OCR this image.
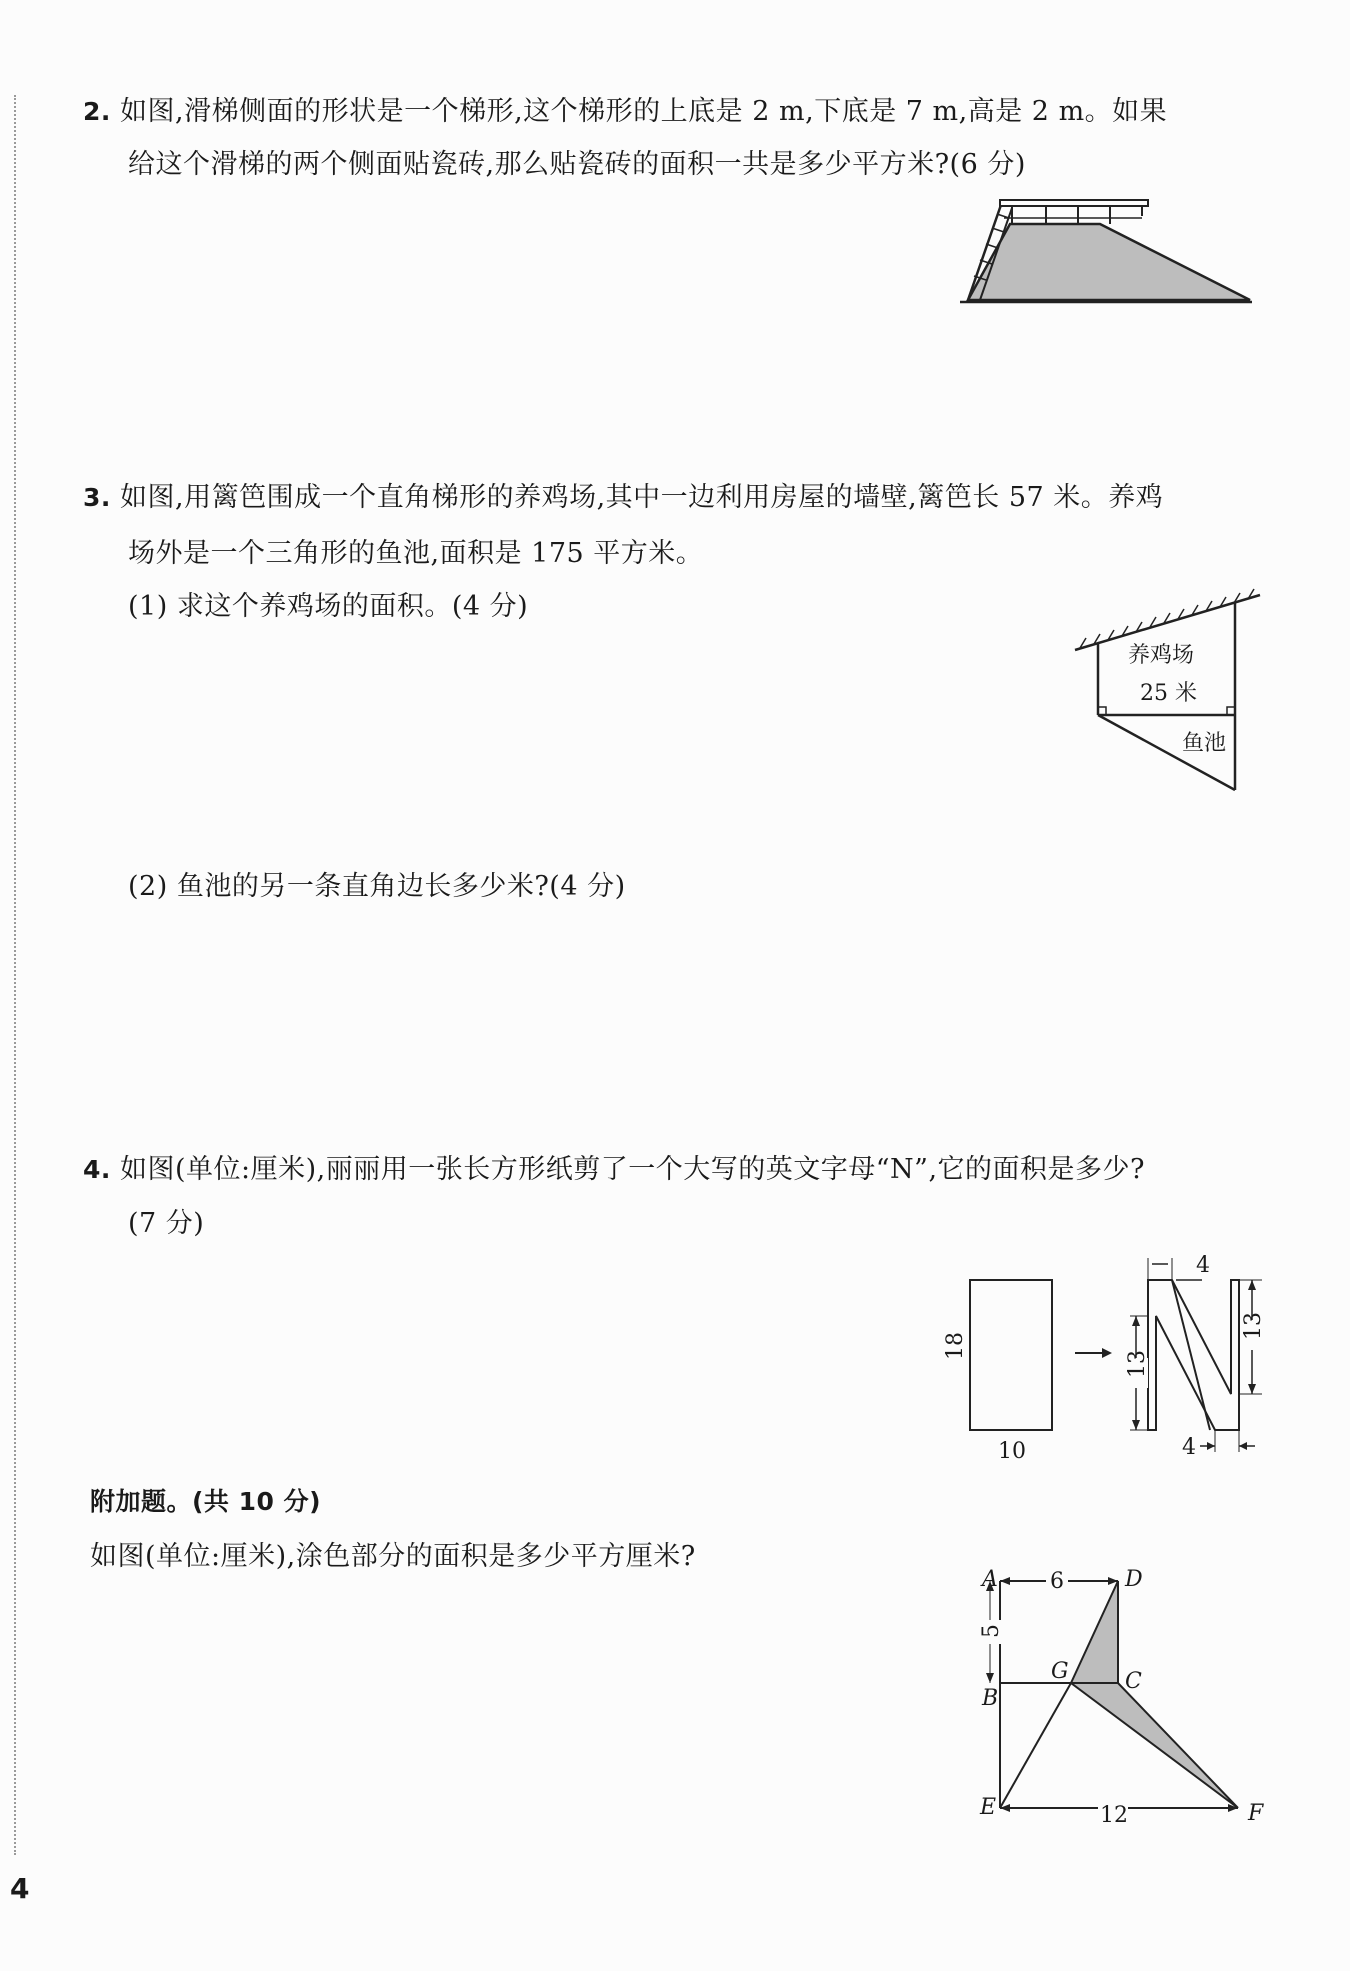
2. 如图,滑梯侧面的形状是一个梯形,这个梯形的上底是 2 m,下底是 7 m,高是 2 m。如果
给这个滑梯的两个侧面贴瓷砖,那么贴瓷砖的面积一共是多少平方米?(6 分)
3. 如图,用篱笆围成一个直角梯形的养鸡场,其中一边利用房屋的墙壁,篱笆长 57 米。养鸡
场外是一个三角形的鱼池,面积是 175 平方米。
(1) 求这个养鸡场的面积。(4 分)
(2) 鱼池的另一条直角边长多少米?(4 分)
养鸡场
25 米
鱼池
4. 如图(单位:厘米),丽丽用一张长方形纸剪了一个大写的英文字母“N”,它的面积是多少?
(7 分)
18
10
4
4
13
13
附加题。(共 10 分)
如图(单位:厘米),涂色部分的面积是多少平方厘米?
6
5
12
A	D
G	C
B
E	F
4
